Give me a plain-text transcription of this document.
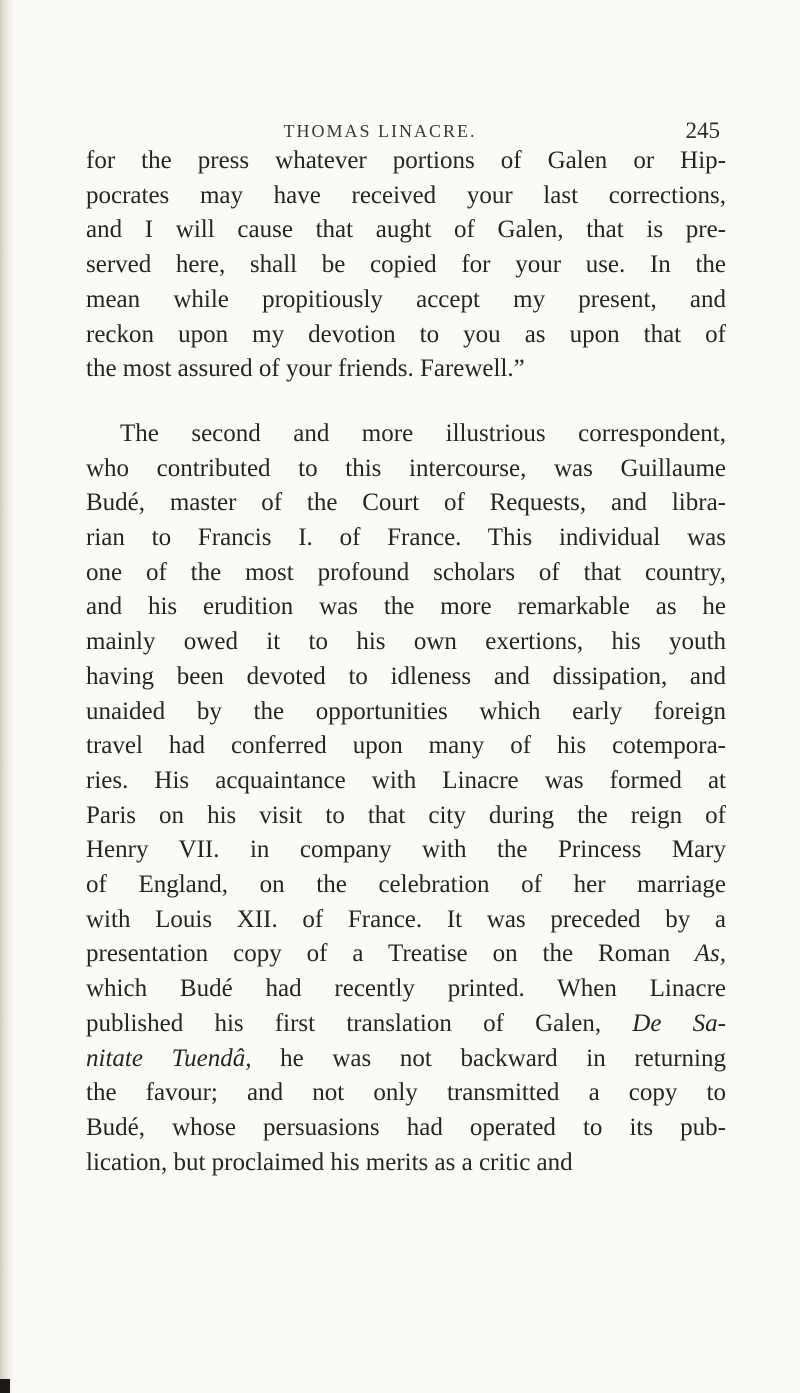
THOMAS LINACRE.	245
for the press whatever portions of Galen or Hip-
pocrates may have received your last corrections,
and I will cause that aught of Galen, that is pre-
served here, shall be copied for your use. In the
mean while propitiously accept my present, and
reckon upon my devotion to you as upon that of
the most assured of your friends. Farewell.”
The second and more illustrious correspondent,
who contributed to this intercourse, was Guillaume
Budé, master of the Court of Requests, and libra-
rian to Francis I. of France. This individual was
one of the most profound scholars of that country,
and his erudition was the more remarkable as he
mainly owed it to his own exertions, his youth
having been devoted to idleness and dissipation, and
unaided by the opportunities which early foreign
travel had conferred upon many of his cotempora-
ries. His acquaintance with Linacre was formed at
Paris on his visit to that city during the reign of
Henry VII. in company with the Princess Mary
of England, on the celebration of her marriage
with Louis XII. of France. It was preceded by a
presentation copy of a Treatise on the Roman As,
which Budé had recently printed. When Linacre
published his first translation of Galen, De Sa-
nitate Tuendâ, he was not backward in returning
the favour; and not only transmitted a copy to
Budé, whose persuasions had operated to its pub-
lication, but proclaimed his merits as a critic and
